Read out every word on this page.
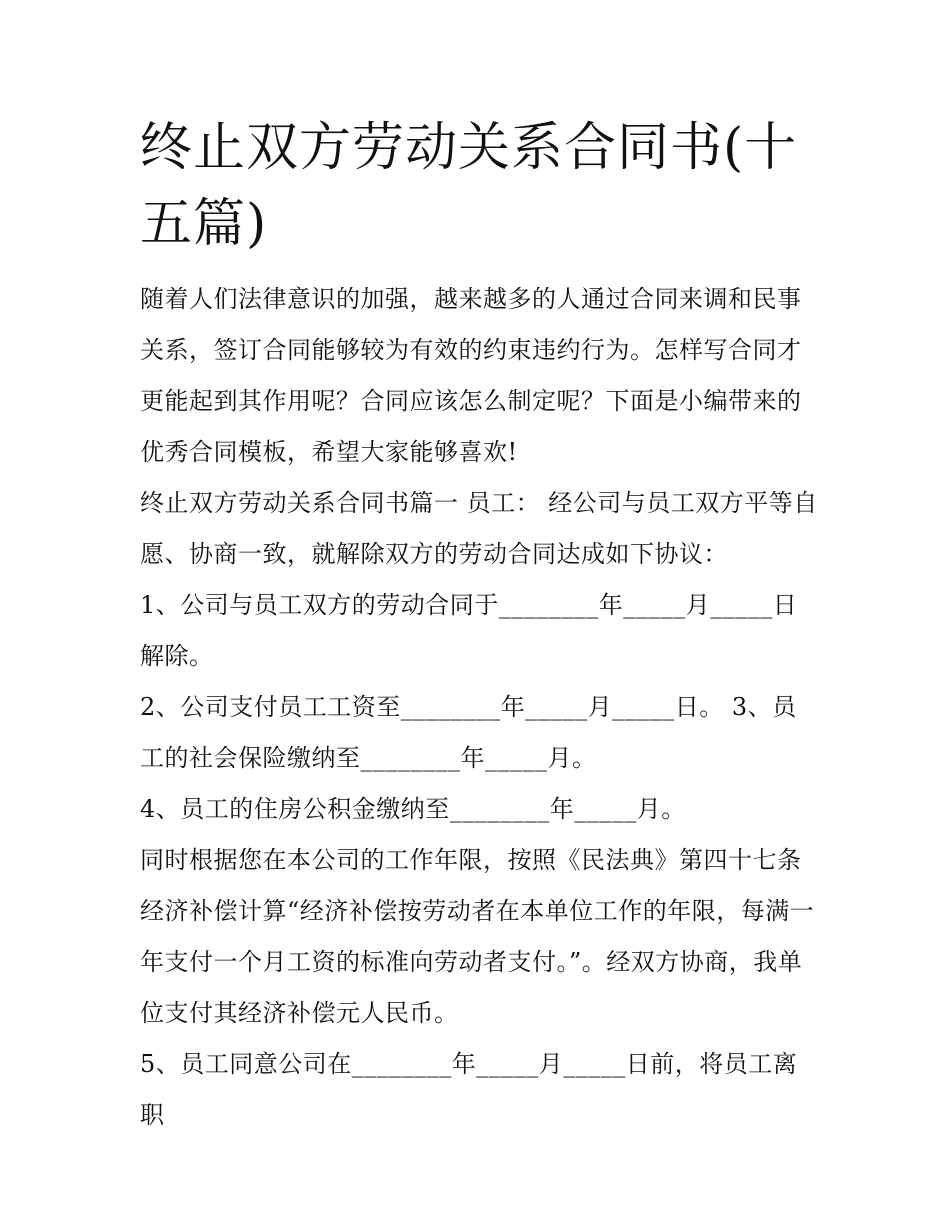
终止双方劳动关系合同书(十五篇)

随着人们法律意识的加强，越来越多的人通过合同来调和民事关系，签订合同能够较为有效的约束违约行为。怎样写合同才更能起到其作用呢？合同应该怎么制定呢？下面是小编带来的优秀合同模板，希望大家能够喜欢!

终止双方劳动关系合同书篇一 员工： 经公司与员工双方平等自愿、协商一致，就解除双方的劳动合同达成如下协议：

1、公司与员工双方的劳动合同于________年_____月_____日解除。

2、公司支付员工工资至________年_____月_____日。 3、员工的社会保险缴纳至________年_____月。

4、员工的住房公积金缴纳至________年_____月。

同时根据您在本公司的工作年限，按照《民法典》第四十七条经济补偿计算“经济补偿按劳动者在本单位工作的年限，每满一年支付一个月工资的标准向劳动者支付。”。经双方协商，我单位支付其经济补偿元人民币。

5、员工同意公司在________年_____月_____日前，将员工离职
